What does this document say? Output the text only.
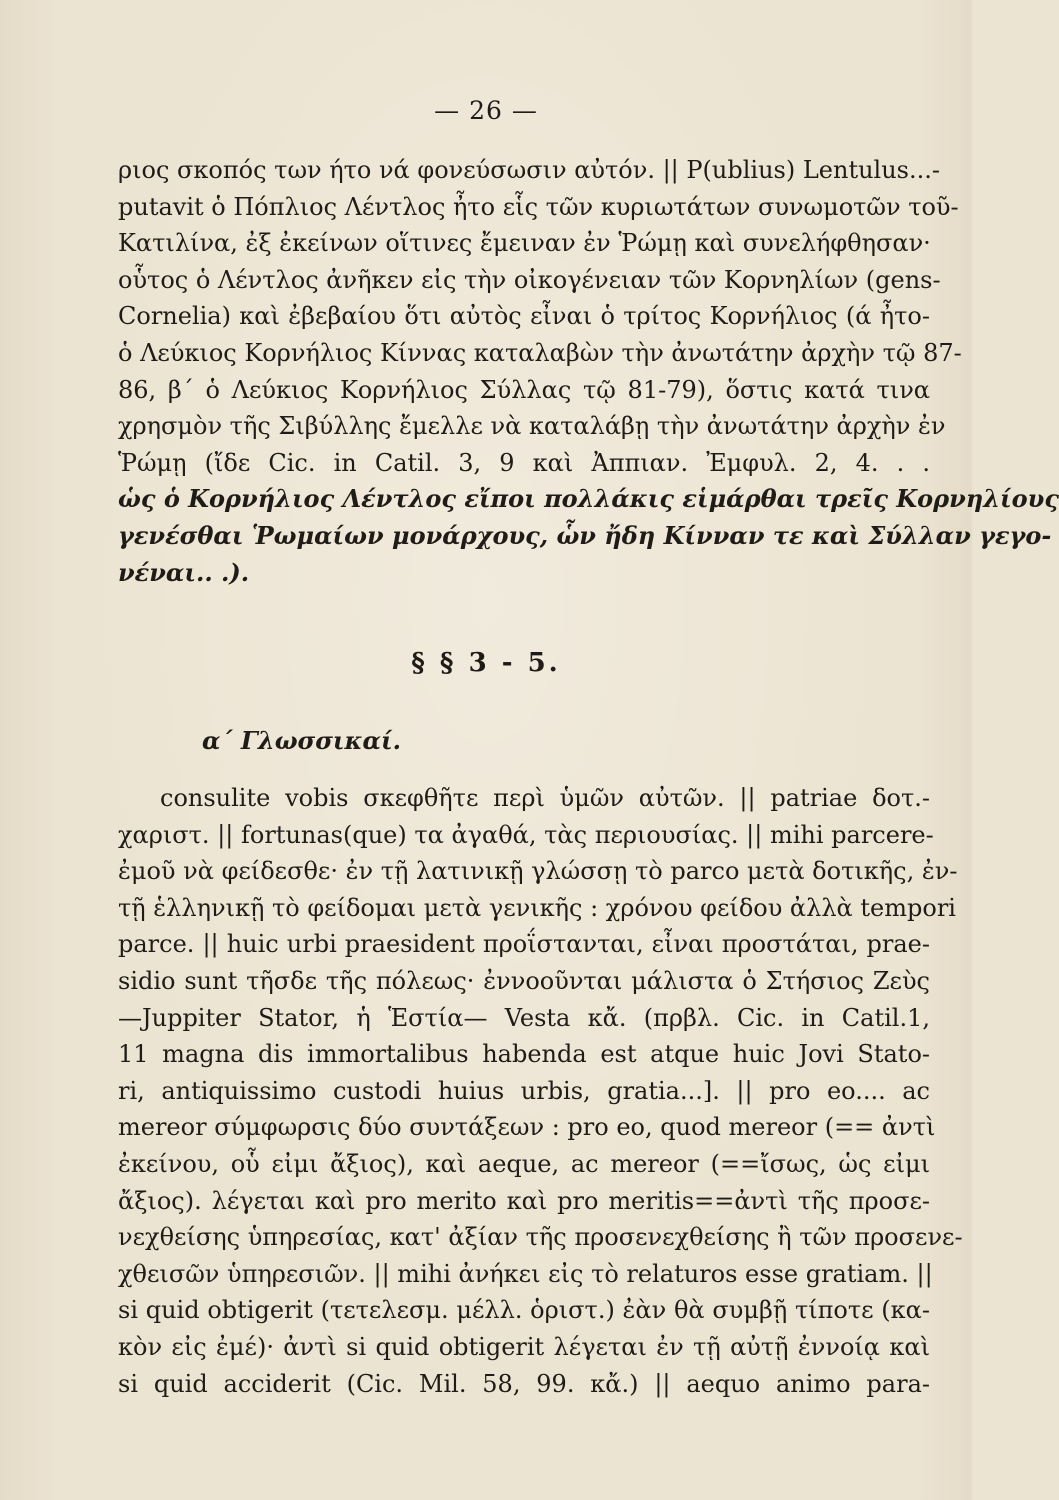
— 26 —
ριος σκοπός των ήτο νά φονεύσωσιν αὐτόν. || P(ublius) Lentulus...-
putavit ὁ Πόπλιος Λέντλος ἦτο εἷς τῶν κυριωτάτων συνωμοτῶν τοῦ-
Κατιλίνα, ἐξ ἐκείνων οἵτινες ἔμειναν ἐν Ῥώμῃ καὶ συνελήφθησαν·
οὗτος ὁ Λέντλος ἀνῆκεν εἰς τὴν οἰκογένειαν τῶν Κορνηλίων (gens-
Cornelia) καὶ ἐβεβαίου ὅτι αὐτὸς εἶναι ὁ τρίτος Κορνήλιος (ά ἦτο-
ὁ Λεύκιος Κορνήλιος Κίννας καταλαβὼν τὴν ἀνωτάτην ἀρχὴν τῷ 87-
86, β´ ὁ Λεύκιος Κορνήλιος Σύλλας τῷ 81-79), ὅστις κατά τινα
χρησμὸν τῆς Σιβύλλης ἔμελλε νὰ καταλάβῃ τὴν ἀνωτάτην ἀρχὴν ἐν
Ῥώμῃ (ἴδε Cic. in Catil. 3, 9 καὶ Ἀππιαν. Ἐμφυλ. 2, 4. . .
ὡς ὁ Κορνήλιος Λέντλος εἴποι πολλάκις εἱμάρθαι τρεῖς Κορνηλίους
γενέσθαι Ῥωμαίων μονάρχους, ὧν ἤδη Κίνναν τε καὶ Σύλλαν γεγο-
νέναι.. .).
§ § 3 - 5.
α´ Γλωσσικαί.
consulite vobis σκεφθῆτε περὶ ὑμῶν αὐτῶν. || patriae δοτ.-
χαριστ. || fortunas(que) τα ἀγαθά, τὰς περιουσίας. || mihi parcere-
ἐμοῦ νὰ φείδεσθε· ἐν τῇ λατινικῇ γλώσσῃ τὸ parco μετὰ δοτικῆς, ἐν-
τῇ ἑλληνικῇ τὸ φείδομαι μετὰ γενικῆς : χρόνου φείδου ἀλλὰ tempori
parce. || huic urbi praesident προΐστανται, εἶναι προστάται, prae-
sidio sunt τῆσδε τῆς πόλεως· ἐννοοῦνται μάλιστα ὁ Στήσιος Ζεὺς
—Juppiter Stator, ἡ Ἑστία— Vesta κἄ. (πρβλ. Cic. in Catil.1,
11 magna dis immortalibus habenda est atque huic Jovi Stato-
ri, antiquissimo custodi huius urbis, gratia...]. || pro eo.... ac
mereor σύμφωρσις δύο συντάξεων : pro eo, quod mereor (== ἀντὶ
ἐκείνου, οὗ εἰμι ἄξιος), καὶ aeque, ac mereor (==ἴσως, ὡς εἰμι
ἄξιος). λέγεται καὶ pro merito καὶ pro meritis==ἀντὶ τῆς προσε-
νεχθείσης ὑπηρεσίας, κατ' ἀξίαν τῆς προσενεχθείσης ἢ τῶν προσενε-
χθεισῶν ὑπηρεσιῶν. || mihi ἀνήκει εἰς τὸ relaturos esse gratiam. ||
si quid obtigerit (τετελεσμ. μέλλ. ὁριστ.) ἐὰν θὰ συμβῇ τίποτε (κα-
κὸν εἰς ἐμέ)· ἀντὶ si quid obtigerit λέγεται ἐν τῇ αὐτῇ ἐννοίᾳ καὶ
si quid acciderit (Cic. Mil. 58, 99. κἄ.) || aequo animo para-
